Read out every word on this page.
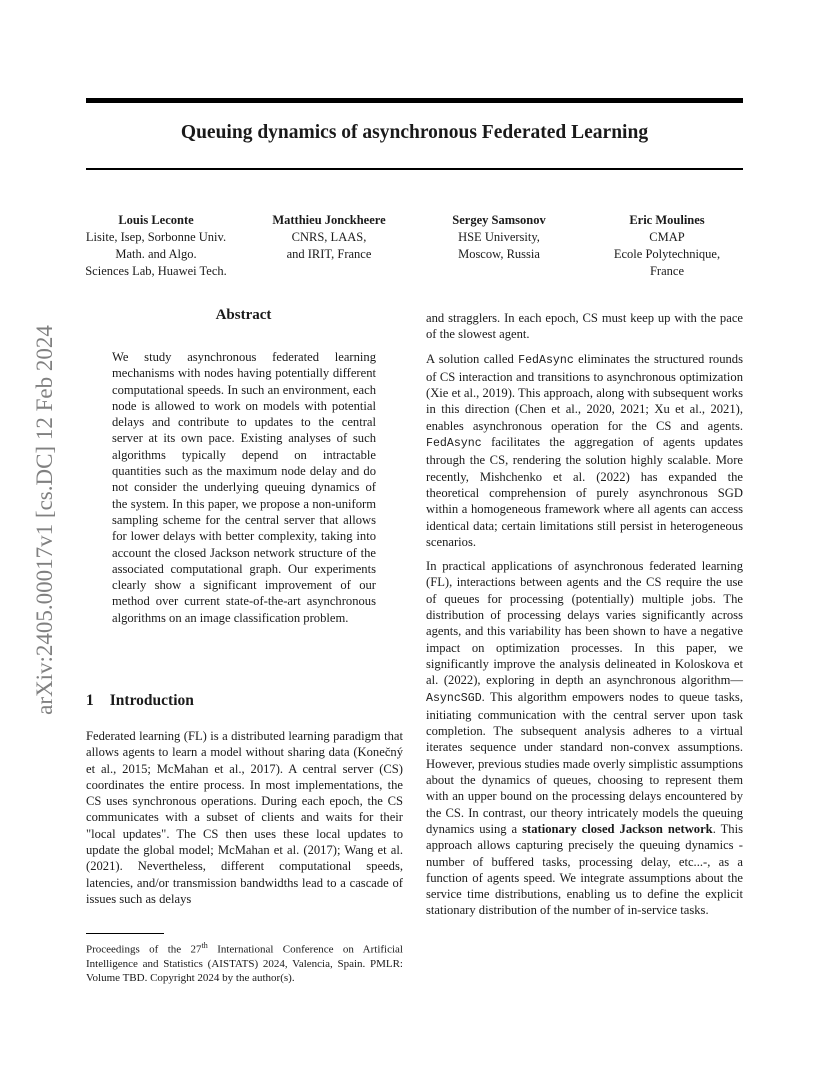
Queuing dynamics of asynchronous Federated Learning
Louis Leconte
Lisite, Isep, Sorbonne Univ.
Math. and Algo.
Sciences Lab, Huawei Tech.
Matthieu Jonckheere
CNRS, LAAS,
and IRIT, France
Sergey Samsonov
HSE University,
Moscow, Russia
Eric Moulines
CMAP
Ecole Polytechnique,
France
arXiv:2405.00017v1 [cs.DC] 12 Feb 2024
Abstract

We study asynchronous federated learning mechanisms with nodes having potentially different computational speeds. In such an environment, each node is allowed to work on models with potential delays and contribute to updates to the central server at its own pace. Existing analyses of such algorithms typically depend on intractable quantities such as the maximum node delay and do not consider the underlying queuing dynamics of the system. In this paper, we propose a non-uniform sampling scheme for the central server that allows for lower delays with better complexity, taking into account the closed Jackson network structure of the associated computational graph. Our experiments clearly show a significant improvement of our method over current state-of-the-art asynchronous algorithms on an image classification problem.

1 Introduction

Federated learning (FL) is a distributed learning paradigm that allows agents to learn a model without sharing data (Konečný et al., 2015; McMahan et al., 2017). A central server (CS) coordinates the entire process. In most implementations, the CS uses synchronous operations. During each epoch, the CS communicates with a subset of clients and waits for their "local updates". The CS then uses these local updates to update the global model; McMahan et al. (2017); Wang et al. (2021). Nevertheless, different computational speeds, latencies, and/or transmission bandwidths lead to a cascade of issues such as delays

Proceedings of the 27th International Conference on Artificial Intelligence and Statistics (AISTATS) 2024, Valencia, Spain. PMLR: Volume TBD. Copyright 2024 by the author(s).

and stragglers. In each epoch, CS must keep up with the pace of the slowest agent.

A solution called FedAsync eliminates the structured rounds of CS interaction and transitions to asynchronous optimization (Xie et al., 2019). This approach, along with subsequent works in this direction (Chen et al., 2020, 2021; Xu et al., 2021), enables asynchronous operation for the CS and agents. FedAsync facilitates the aggregation of agents updates through the CS, rendering the solution highly scalable. More recently, Mishchenko et al. (2022) has expanded the theoretical comprehension of purely asynchronous SGD within a homogeneous framework where all agents can access identical data; certain limitations still persist in heterogeneous scenarios.

In practical applications of asynchronous federated learning (FL), interactions between agents and the CS require the use of queues for processing (potentially) multiple jobs. The distribution of processing delays varies significantly across agents, and this variability has been shown to have a negative impact on optimization processes. In this paper, we significantly improve the analysis delineated in Koloskova et al. (2022), exploring in depth an asynchronous algorithm—AsyncSGD. This algorithm empowers nodes to queue tasks, initiating communication with the central server upon task completion. The subsequent analysis adheres to a virtual iterates sequence under standard non-convex assumptions. However, previous studies made overly simplistic assumptions about the dynamics of queues, choosing to represent them with an upper bound on the processing delays encountered by the CS. In contrast, our theory intricately models the queuing dynamics using a stationary closed Jackson network. This approach allows capturing precisely the queuing dynamics - number of buffered tasks, processing delay, etc...-, as a function of agents speed. We integrate assumptions about the service time distributions, enabling us to define the explicit stationary distribution of the number of in-service tasks.
